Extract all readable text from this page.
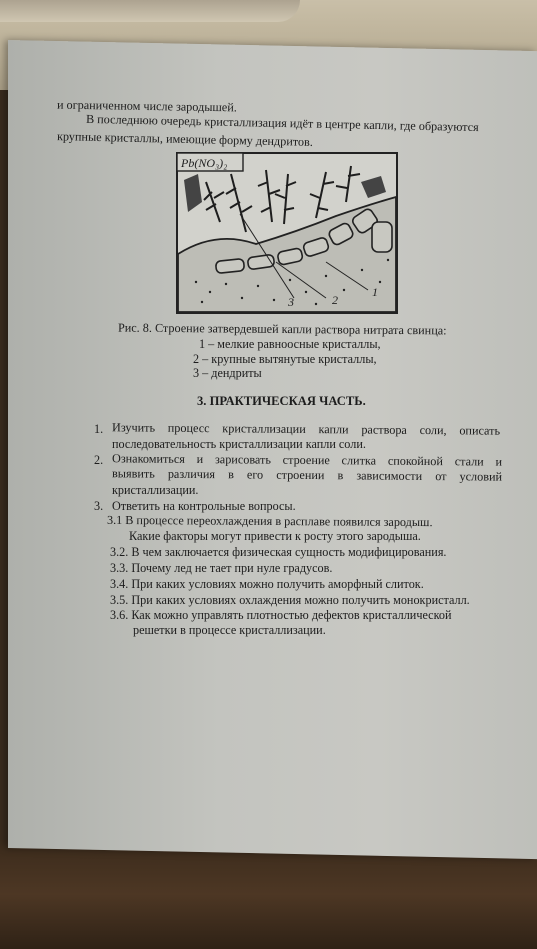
и ограниченном числе зародышей.
В последнюю очередь кристаллизация идёт в центре капли, где образуются
крупные кристаллы, имеющие форму дендритов.
Pb(NO₃)₂
3	2
1
Рис. 8. Строение затвердевшей капли раствора нитрата свинца:
1 – мелкие равноосные кристаллы,
2 – крупные вытянутые кристаллы,
3 – дендриты
3. ПРАКТИЧЕСКАЯ ЧАСТЬ.
1. Изучить процесс кристаллизации капли раствора соли, описать
последовательность кристаллизации капли соли.
2. Ознакомиться и зарисовать строение слитка спокойной стали и
выявить различия в его строении в зависимости от условий
кристаллизации.
3. Ответить на контрольные вопросы.
3.1 В процессе переохлаждения в расплаве появился зародыш.
Какие факторы могут привести к росту этого зародыша.
3.2. В чем заключается физическая сущность модифицирования.
3.3. Почему лед не тает при нуле градусов.
3.4. При каких условиях можно получить аморфный слиток.
3.5. При каких условиях охлаждения можно получить монокристалл.
3.6. Как можно управлять плотностью дефектов кристаллической
решетки в процессе кристаллизации.
